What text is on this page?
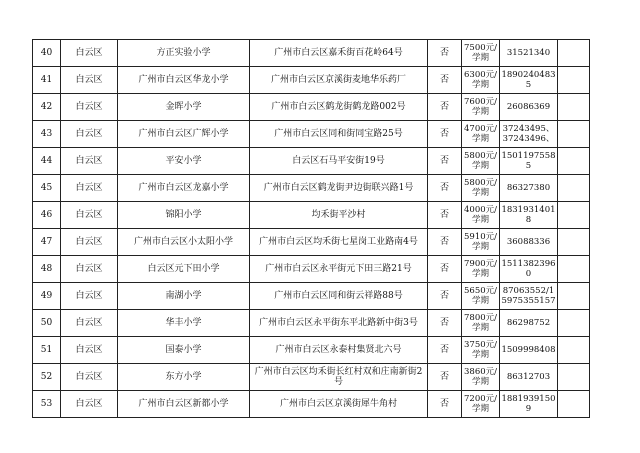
40	白云区	方正实验小学	广州市白云区嘉禾街百花岭64号	否	7500元/学期	31521340	
41	白云区	广州市白云区华龙小学	广州市白云区京溪街麦地华乐药厂	否	6300元/学期	18902404835	
42	白云区	金晖小学	广州市白云区鹤龙街鹤龙路002号	否	7600元/学期	26086369	
43	白云区	广州市白云区广辉小学	广州市白云区同和街同宝路25号	否	4700元/学期	37243495、37243496、	
44	白云区	平安小学	白云区石马平安街19号	否	5800元/学期	15011975585	
45	白云区	广州市白云区龙嘉小学	广州市白云区鹤龙街尹边街联兴路1号	否	5800元/学期	86327380	
46	白云区	锦阳小学	均禾街平沙村	否	4000元/学期	18319314018	
47	白云区	广州市白云区小太阳小学	广州市白云区均禾街七星岗工业路南4号	否	5910元/学期	36088336	
48	白云区	白云区元下田小学	广州市白云区永平街元下田三路21号	否	7900元/学期	15113823960	
49	白云区	南湖小学	广州市白云区同和街云祥路88号	否	5650元/学期	87063552/15975355157	
50	白云区	华丰小学	广州市白云区永平街东平北路新中街3号	否	7800元/学期	86298752	
51	白云区	国泰小学	广州市白云区永泰村集贤北六号	否	3750元/学期	1509998408	
52	白云区	东方小学	广州市白云区均禾街长红村双和庄南新街2号	否	3860元/学期	86312703	
53	白云区	广州市白云区新都小学	广州市白云区京溪街犀牛角村	否	7200元/学期	18819391509	
